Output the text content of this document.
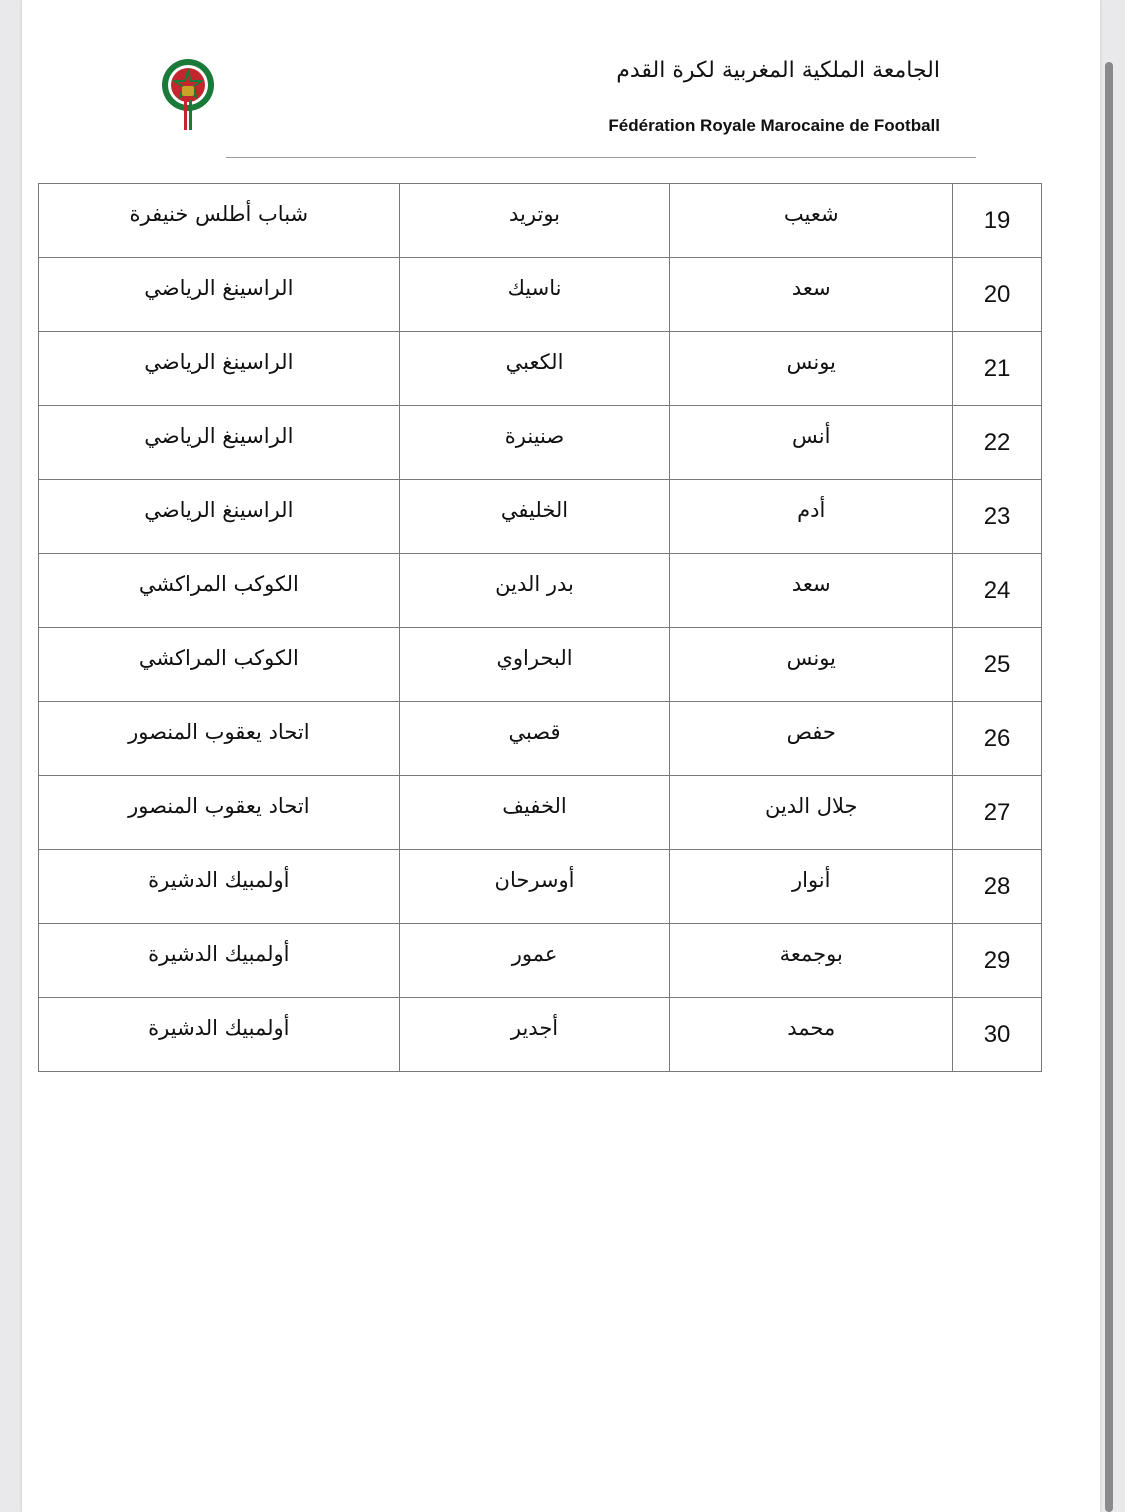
الجامعة الملكية المغربية لكرة القدم
Fédération Royale Marocaine de Football
19	شعيب	بوتريد	شباب أطلس خنيفرة
20	سعد	ناسيك	الراسينغ الرياضي
21	يونس	الكعبي	الراسينغ الرياضي
22	أنس	صنينرة	الراسينغ الرياضي
23	أدم	الخليفي	الراسينغ الرياضي
24	سعد	بدر الدين	الكوكب المراكشي
25	يونس	البحراوي	الكوكب المراكشي
26	حفص	قصبي	اتحاد يعقوب المنصور
27	جلال الدين	الخفيف	اتحاد يعقوب المنصور
28	أنوار	أوسرحان	أولمبيك الدشيرة
29	بوجمعة	عمور	أولمبيك الدشيرة
30	محمد	أجدير	أولمبيك الدشيرة
